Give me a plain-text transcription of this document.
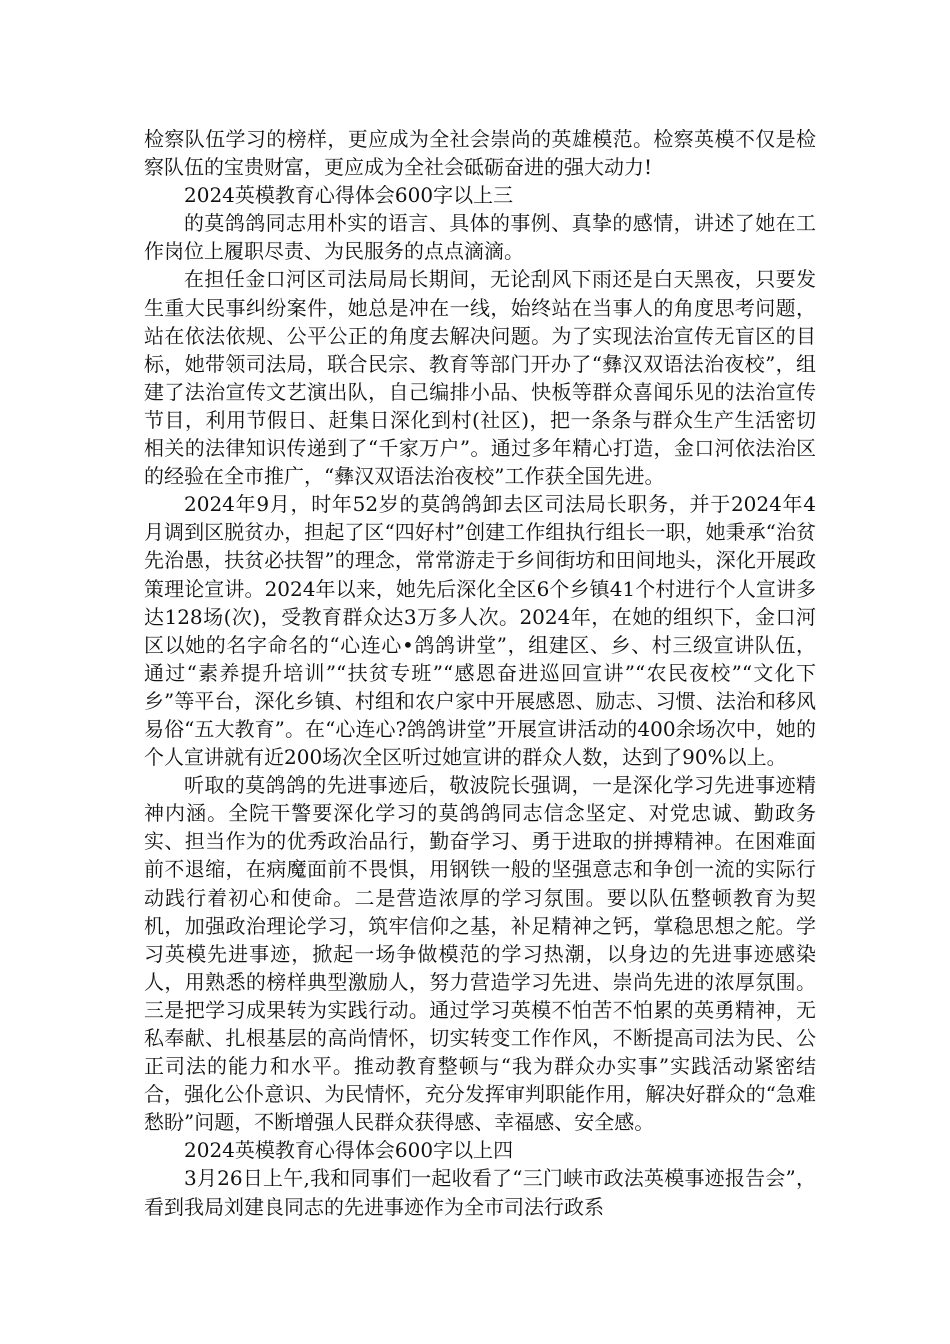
检察队伍学习的榜样，更应成为全社会崇尚的英雄模范。检察英模不仅是检察队伍的宝贵财富，更应成为全社会砥砺奋进的强大动力!

2024英模教育心得体会600字以上三

的莫鸽鸽同志用朴实的语言、具体的事例、真挚的感情，讲述了她在工作岗位上履职尽责、为民服务的点点滴滴。

在担任金口河区司法局局长期间，无论刮风下雨还是白天黑夜，只要发生重大民事纠纷案件，她总是冲在一线，始终站在当事人的角度思考问题，站在依法依规、公平公正的角度去解决问题。为了实现法治宣传无盲区的目标，她带领司法局，联合民宗、教育等部门开办了“彝汉双语法治夜校”，组建了法治宣传文艺演出队，自己编排小品、快板等群众喜闻乐见的法治宣传节目，利用节假日、赶集日深化到村(社区)，把一条条与群众生产生活密切相关的法律知识传递到了“千家万户”。通过多年精心打造，金口河依法治区的经验在全市推广，“彝汉双语法治夜校”工作获全国先进。

2024年9月，时年52岁的莫鸽鸽卸去区司法局长职务，并于2024年4月调到区脱贫办，担起了区“四好村”创建工作组执行组长一职，她秉承“治贫先治愚，扶贫必扶智”的理念，常常游走于乡间街坊和田间地头，深化开展政策理论宣讲。2024年以来，她先后深化全区6个乡镇41个村进行个人宣讲多达128场(次)，受教育群众达3万多人次。2024年，在她的组织下，金口河区以她的名字命名的“心连心•鸽鸽讲堂”，组建区、乡、村三级宣讲队伍，通过“素养提升培训”“扶贫专班”“感恩奋进巡回宣讲”“农民夜校”“文化下乡”等平台，深化乡镇、村组和农户家中开展感恩、励志、习惯、法治和移风易俗“五大教育”。在“心连心?鸽鸽讲堂”开展宣讲活动的400余场次中，她的个人宣讲就有近200场次全区听过她宣讲的群众人数，达到了90%以上。

听取的莫鸽鸽的先进事迹后，敬波院长强调，一是深化学习先进事迹精神内涵。全院干警要深化学习的莫鸽鸽同志信念坚定、对党忠诚、勤政务实、担当作为的优秀政治品行，勤奋学习、勇于进取的拼搏精神。在困难面前不退缩，在病魔面前不畏惧，用钢铁一般的坚强意志和争创一流的实际行动践行着初心和使命。二是营造浓厚的学习氛围。要以队伍整顿教育为契机，加强政治理论学习，筑牢信仰之基，补足精神之钙，掌稳思想之舵。学习英模先进事迹，掀起一场争做模范的学习热潮，以身边的先进事迹感染人，用熟悉的榜样典型激励人，努力营造学习先进、崇尚先进的浓厚氛围。三是把学习成果转为实践行动。通过学习英模不怕苦不怕累的英勇精神，无私奉献、扎根基层的高尚情怀，切实转变工作作风，不断提高司法为民、公正司法的能力和水平。推动教育整顿与“我为群众办实事”实践活动紧密结合，强化公仆意识、为民情怀，充分发挥审判职能作用，解决好群众的“急难愁盼”问题，不断增强人民群众获得感、幸福感、安全感。

2024英模教育心得体会600字以上四

3月26日上午,我和同事们一起收看了“三门峡市政法英模事迹报告会”，看到我局刘建良同志的先进事迹作为全市司法行政系
